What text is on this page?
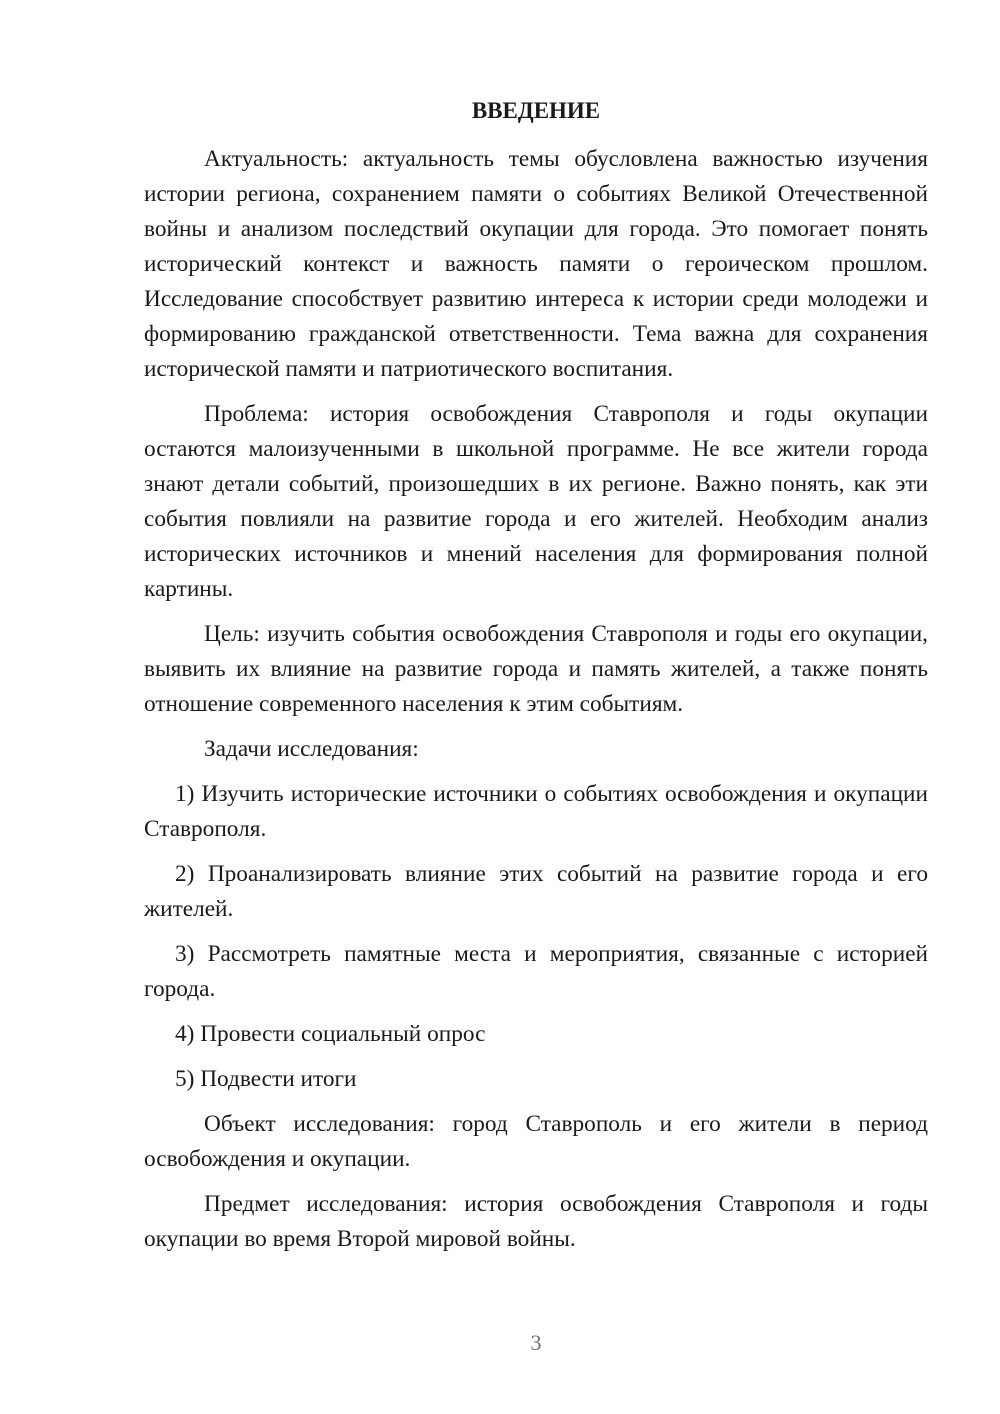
ВВЕДЕНИЕ

Актуальность: актуальность темы обусловлена важностью изучения истории региона, сохранением памяти о событиях Великой Отечественной войны и анализом последствий окупации для города. Это помогает понять исторический контекст и важность памяти о героическом прошлом. Исследование способствует развитию интереса к истории среди молодежи и формированию гражданской ответственности. Тема важна для сохранения исторической памяти и патриотического воспитания.

Проблема: история освобождения Ставрополя и годы окупации остаются малоизученными в школьной программе. Не все жители города знают детали событий, произошедших в их регионе. Важно понять, как эти события повлияли на развитие города и его жителей. Необходим анализ исторических источников и мнений населения для формирования полной картины.

Цель: изучить события освобождения Ставрополя и годы его окупации, выявить их влияние на развитие города и память жителей, а также понять отношение современного населения к этим событиям.

Задачи исследования:

1) Изучить исторические источники о событиях освобождения и окупации Ставрополя.

2) Проанализировать влияние этих событий на развитие города и его жителей.

3) Рассмотреть памятные места и мероприятия, связанные с историей города.

4) Провести социальный опрос

5) Подвести итоги

Объект исследования: город Ставрополь и его жители в период освобождения и окупации.

Предмет исследования: история освобождения Ставрополя и годы окупации во время Второй мировой войны.

3
